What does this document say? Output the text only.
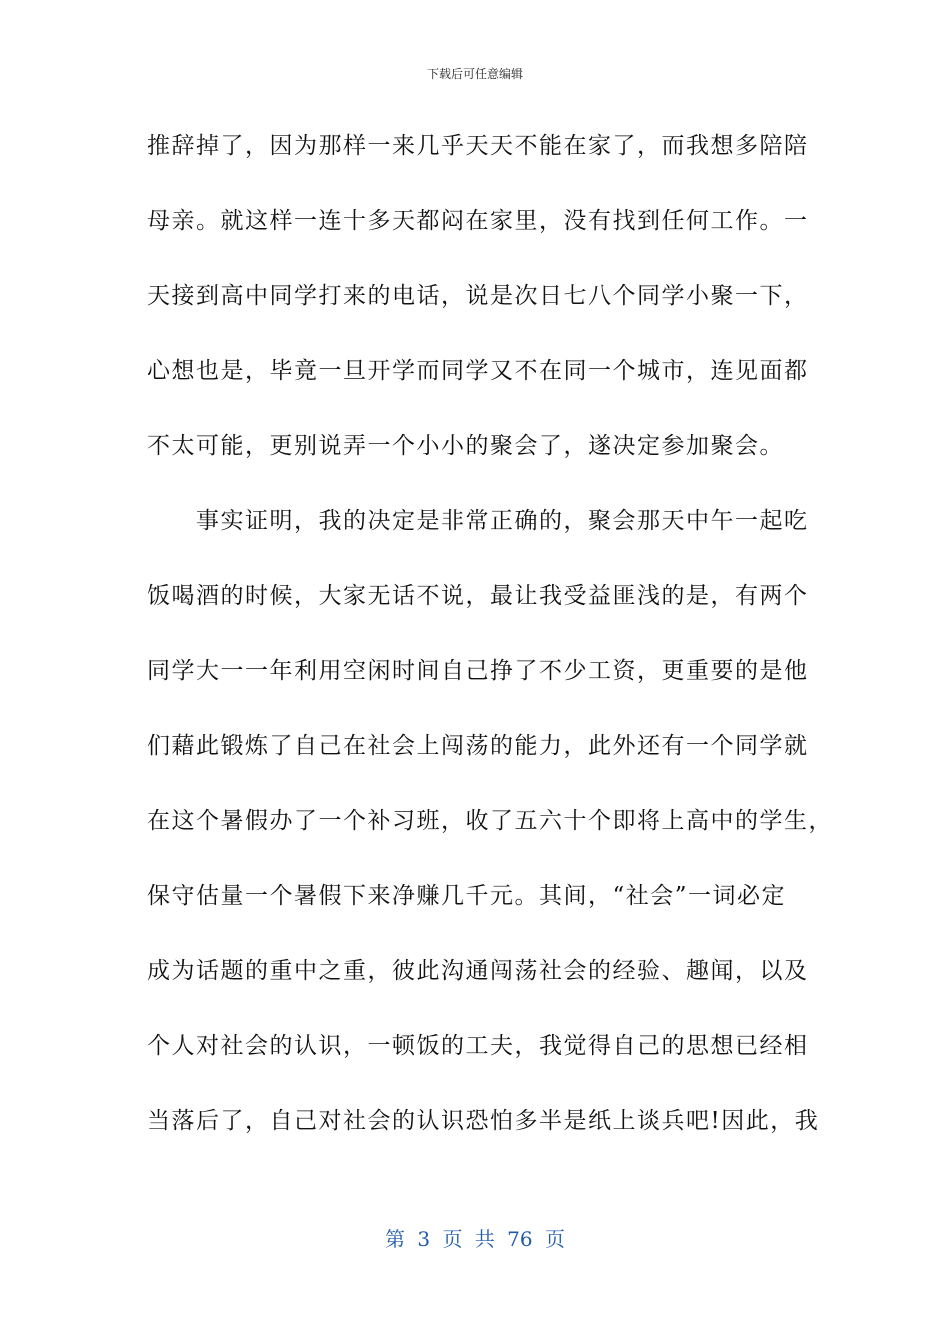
下载后可任意编辑
推辞掉了，因为那样一来几乎天天不能在家了，而我想多陪陪
母亲。就这样一连十多天都闷在家里，没有找到任何工作。一
天接到高中同学打来的电话，说是次日七八个同学小聚一下，
心想也是，毕竟一旦开学而同学又不在同一个城市，连见面都
不太可能，更别说弄一个小小的聚会了，遂决定参加聚会。
　　事实证明，我的决定是非常正确的，聚会那天中午一起吃
饭喝酒的时候，大家无话不说，最让我受益匪浅的是，有两个
同学大一一年利用空闲时间自己挣了不少工资，更重要的是他
们藉此锻炼了自己在社会上闯荡的能力，此外还有一个同学就
在这个暑假办了一个补习班，收了五六十个即将上高中的学生，
保守估量一个暑假下来净赚几千元。其间，“社会”一词必定
成为话题的重中之重，彼此沟通闯荡社会的经验、趣闻，以及
个人对社会的认识，一顿饭的工夫，我觉得自己的思想已经相
当落后了，自己对社会的认识恐怕多半是纸上谈兵吧!因此，我
第 3 页 共 76 页
